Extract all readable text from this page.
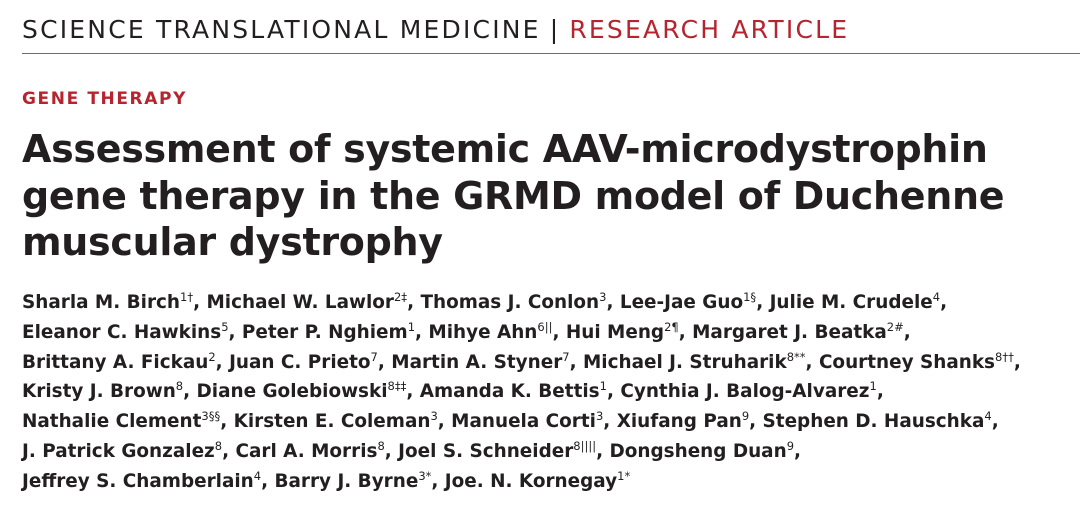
SCIENCE TRANSLATIONAL MEDICINE | RESEARCH ARTICLE
GENE THERAPY
Assessment of systemic AAV-microdystrophin gene therapy in the GRMD model of Duchenne muscular dystrophy
Sharla M. Birch$^{1\dagger}$, Michael W. Lawlor$^{2\ddagger}$, Thomas J. Conlon$^3$, Lee-Jae Guo$^{1\S}$, Julie M. Crudele$^4$,
Eleanor C. Hawkins$^5$, Peter P. Nghiem$^1$, Mihye Ahn$^{6||}$, Hui Meng$^{2\P}$, Margaret J. Beatka$^{2\#}$,
Brittany A. Fickau$^2$, Juan C. Prieto$^7$, Martin A. Styner$^7$, Michael J. Struharik$^{8**}$, Courtney Shanks$^{8\dagger\dagger}$,
Kristy J. Brown$^8$, Diane Golebiowski$^{8\ddagger\ddagger}$, Amanda K. Bettis$^1$, Cynthia J. Balog-Alvarez$^1$,
Nathalie Clement$^{3\S\S}$, Kirsten E. Coleman$^3$, Manuela Corti$^3$, Xiufang Pan$^9$, Stephen D. Hauschka$^4$,
J. Patrick Gonzalez$^8$, Carl A. Morris$^8$, Joel S. Schneider$^{8||||}$, Dongsheng Duan$^9$,
Jeffrey S. Chamberlain$^4$, Barry J. Byrne$^{3*}$, Joe. N. Kornegay$^{1*}$
